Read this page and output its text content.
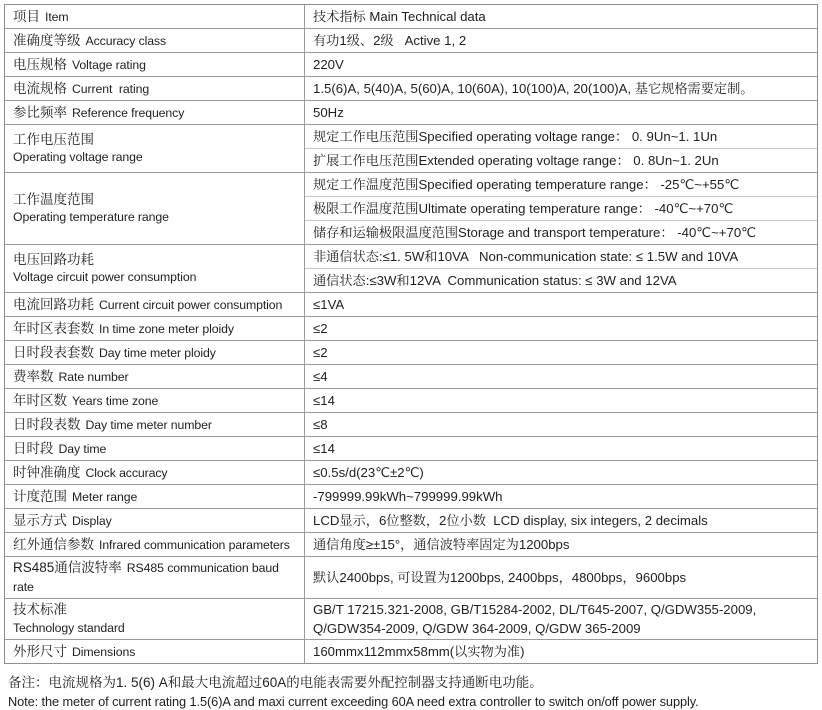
项目 Item	技术指标 Main Technical data
准确度等级 Accuracy class	有功1级、2级   Active 1, 2
电压规格 Voltage rating	220V
电流规格 Current  rating	1.5(6)A, 5(40)A, 5(60)A, 10(60A), 10(100)A, 20(100)A, 基它规格需要定制。
参比频率 Reference frequency	50Hz

工作电压范围
Operating voltage range	规定工作电压范围Specified operating voltage range： 0. 9Un~1. 1Un
	扩展工作电压范围Extended operating voltage range： 0. 8Un~1. 2Un

工作温度范围
Operating temperature range	规定工作温度范围Specified operating temperature range： -25℃~+55℃
	极限工作温度范围Ultimate operating temperature range： -40℃~+70℃
	储存和运输极限温度范围Storage and transport temperature： -40℃~+70℃

电压回路功耗
Voltage circuit power consumption	非通信状态:≤1. 5W和10VA   Non-communication state: ≤ 1.5W and 10VA
	通信状态:≤3W和12VA  Communication status: ≤ 3W and 12VA
电流回路功耗 Current circuit power consumption	≤1VA
年时区表套数 In time zone meter ploidy	≤2
日时段表套数 Day time meter ploidy	≤2
费率数 Rate number	≤4
年时区数 Years time zone	≤14
日时段表数 Day time meter number	≤8
日时段 Day time	≤14
时钟准确度 Clock accuracy	≤0.5s/d(23℃±2℃)
计度范围 Meter range	-799999.99kWh~799999.99kWh
显示方式 Display	LCD显示，6位整数，2位小数  LCD display, six integers, 2 decimals
红外通信参数 Infrared communication parameters	通信角度≥±15°，通信波特率固定为1200bps
RS485通信波特率 RS485 communication baud rate	默认2400bps, 可设置为1200bps, 2400bps，4800bps，9600bps

技术标准
Technology standard	GB/T 17215.321-2008, GB/T15284-2002, DL/T645-2007, Q/GDW355-2009, Q/GDW354-2009, Q/GDW 364-2009, Q/GDW 365-2009
外形尺寸 Dimensions	160mmx112mmx58mm(以实物为准)
备注：电流规格为1. 5(6) A和最大电流超过60A的电能表需要外配控制器支持通断电功能。
Note: the meter of current rating 1.5(6)A and maxi current exceeding 60A need extra controller to switch on/off power supply.
